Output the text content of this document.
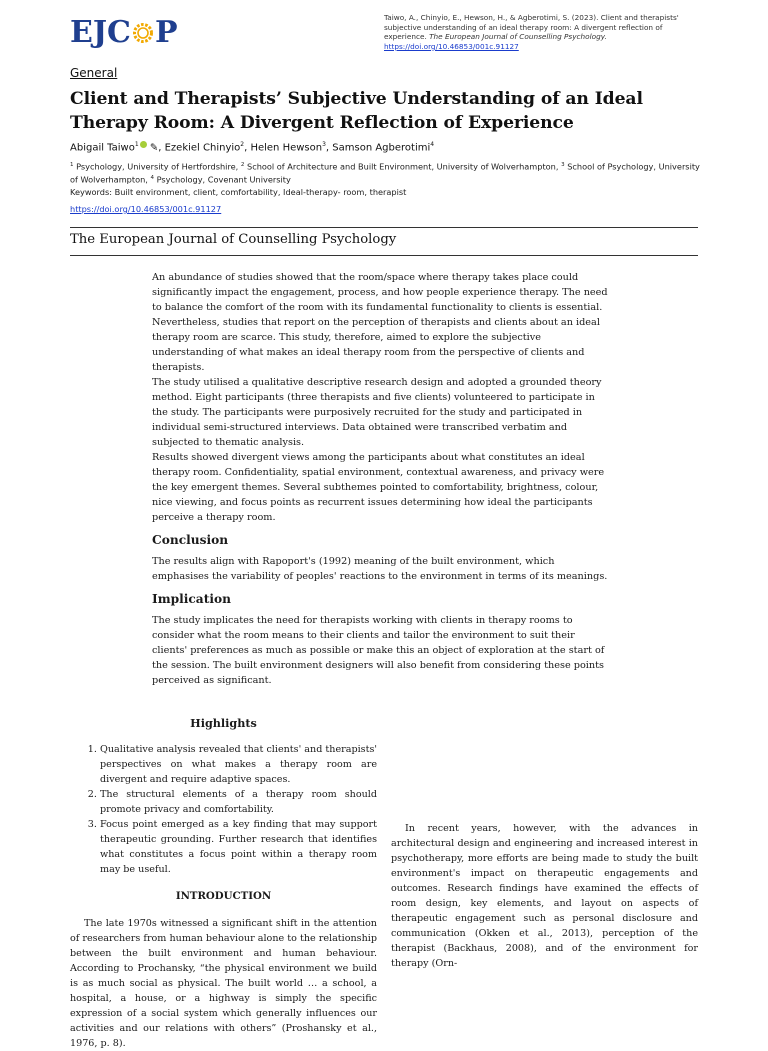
EJC P	Taiwo, A., Chinyio, E., Hewson, H., & Agberotimi, S. (2023). Client and therapists' subjective understanding of an ideal therapy room: A divergent reflection of experience. The European Journal of Counselling Psychology.
https://doi.org/10.46853/001c.91127
General
Client and Therapists’ Subjective Understanding of an Ideal Therapy Room: A Divergent Reflection of Experience
Abigail Taiwo$^1$ ✎, Ezekiel Chinyio$^2$, Helen Hewson$^3$, Samson Agberotimi$^4$
$^1$ Psychology, University of Hertfordshire, $^2$ School of Architecture and Built Environment, University of Wolverhampton, $^3$ School of Psychology, University of Wolverhampton, $^4$ Psychology, Covenant University
Keywords: Built environment, client, comfortability, Ideal-therapy- room, therapist
https://doi.org/10.46853/001c.91127
The European Journal of Counselling Psychology

An abundance of studies showed that the room/space where therapy takes place could significantly impact the engagement, process, and how people experience therapy. The need to balance the comfort of the room with its fundamental functionality to clients is essential. Nevertheless, studies that report on the perception of therapists and clients about an ideal therapy room are scarce. This study, therefore, aimed to explore the subjective understanding of what makes an ideal therapy room from the perspective of clients and therapists.

The study utilised a qualitative descriptive research design and adopted a grounded theory method. Eight participants (three therapists and five clients) volunteered to participate in the study. The participants were purposively recruited for the study and participated in individual semi-structured interviews. Data obtained were transcribed verbatim and subjected to thematic analysis.

Results showed divergent views among the participants about what constitutes an ideal therapy room. Confidentiality, spatial environment, contextual awareness, and privacy were the key emergent themes. Several subthemes pointed to comfortability, brightness, colour, nice viewing, and focus points as recurrent issues determining how ideal the participants perceive a therapy room.

Conclusion

The results align with Rapoport's (1992) meaning of the built environment, which emphasises the variability of peoples' reactions to the environment in terms of its meanings.

Implication

The study implicates the need for therapists working with clients in therapy rooms to consider what the room means to their clients and tailor the environment to suit their clients' preferences as much as possible or make this an object of exploration at the start of the session. The built environment designers will also benefit from considering these points perceived as significant.

Highlights
1. Qualitative analysis revealed that clients' and therapists' perspectives on what makes a therapy room are divergent and require adaptive spaces.
2. The structural elements of a therapy room should promote privacy and comfortability.
3. Focus point emerged as a key finding that may support therapeutic grounding. Further research that identifies what constitutes a focus point within a therapy room may be useful.
INTRODUCTION

The late 1970s witnessed a significant shift in the attention of researchers from human behaviour alone to the relationship between the built environment and human behaviour. According to Prochansky, “the physical environment we build is as much social as physical. The built world … a school, a hospital, a house, or a highway is simply the specific expression of a social system which generally influences our activities and our relations with others” (Proshansky et al., 1976, p. 8).

In recent years, however, with the advances in architectural design and engineering and increased interest in psychotherapy, more efforts are being made to study the built environment's impact on therapeutic engagements and outcomes. Research findings have examined the effects of room design, key elements, and layout on aspects of therapeutic engagement such as personal disclosure and communication (Okken et al., 2013), perception of the therapist (Backhaus, 2008), and of the environment for therapy (Orn-
